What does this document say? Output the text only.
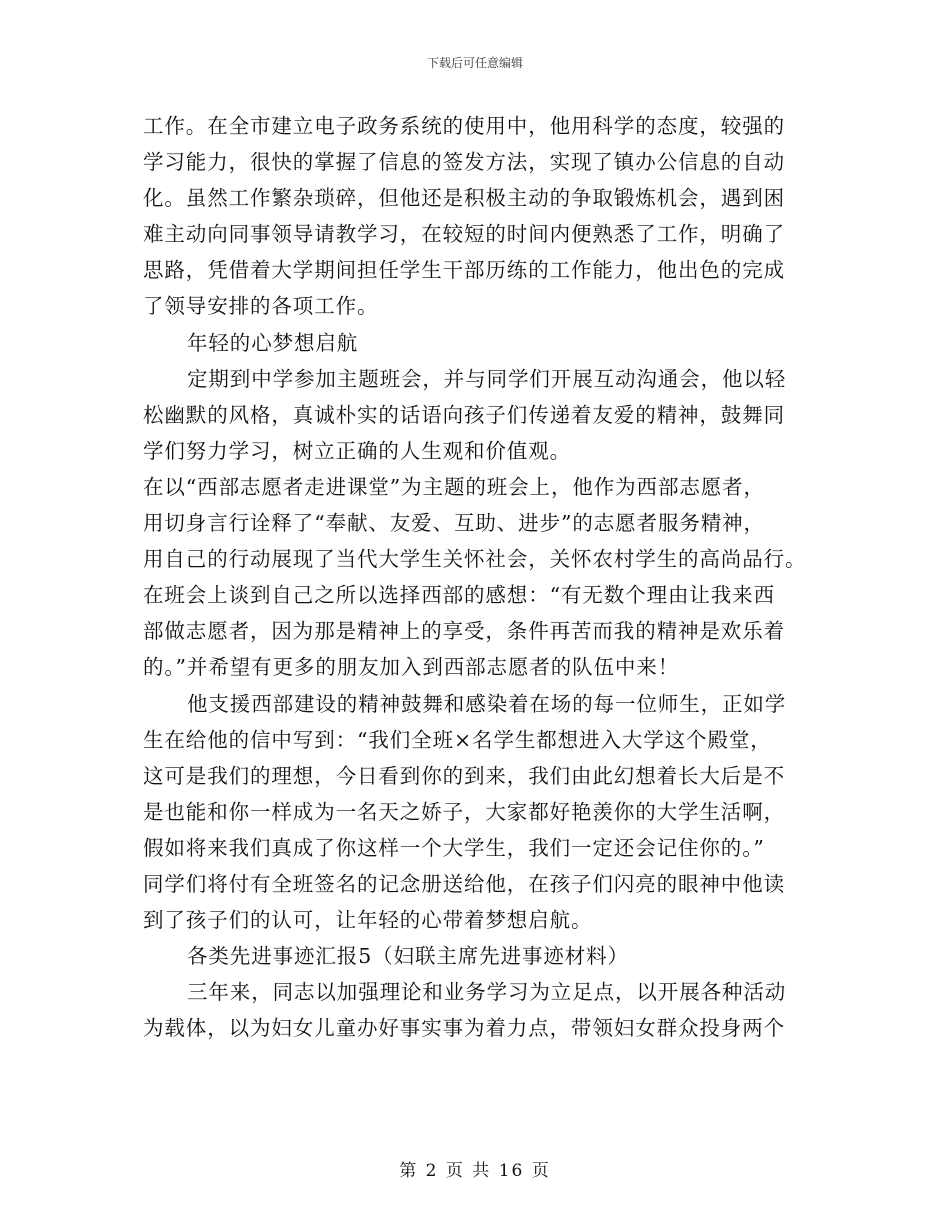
下载后可任意编辑
工作。在全市建立电子政务系统的使用中，他用科学的态度，较强的
学习能力，很快的掌握了信息的签发方法，实现了镇办公信息的自动
化。虽然工作繁杂琐碎，但他还是积极主动的争取锻炼机会，遇到困
难主动向同事领导请教学习，在较短的时间内便熟悉了工作，明确了
思路，凭借着大学期间担任学生干部历练的工作能力，他出色的完成
了领导安排的各项工作。
年轻的心梦想启航
定期到中学参加主题班会，并与同学们开展互动沟通会，他以轻
松幽默的风格，真诚朴实的话语向孩子们传递着友爱的精神，鼓舞同
学们努力学习，树立正确的人生观和价值观。
在以“西部志愿者走进课堂”为主题的班会上，他作为西部志愿者，
用切身言行诠释了“奉献、友爱、互助、进步”的志愿者服务精神，
用自己的行动展现了当代大学生关怀社会，关怀农村学生的高尚品行。
在班会上谈到自己之所以选择西部的感想：“有无数个理由让我来西
部做志愿者，因为那是精神上的享受，条件再苦而我的精神是欢乐着
的。”并希望有更多的朋友加入到西部志愿者的队伍中来！
他支援西部建设的精神鼓舞和感染着在场的每一位师生，正如学
生在给他的信中写到：“我们全班×名学生都想进入大学这个殿堂，
这可是我们的理想，今日看到你的到来，我们由此幻想着长大后是不
是也能和你一样成为一名天之娇子，大家都好艳羡你的大学生活啊，
假如将来我们真成了你这样一个大学生，我们一定还会记住你的。”
同学们将付有全班签名的记念册送给他，在孩子们闪亮的眼神中他读
到了孩子们的认可，让年轻的心带着梦想启航。
各类先进事迹汇报5（妇联主席先进事迹材料）
三年来，同志以加强理论和业务学习为立足点，以开展各种活动
为载体，以为妇女儿童办好事实事为着力点，带领妇女群众投身两个
第 2 页 共 16 页
